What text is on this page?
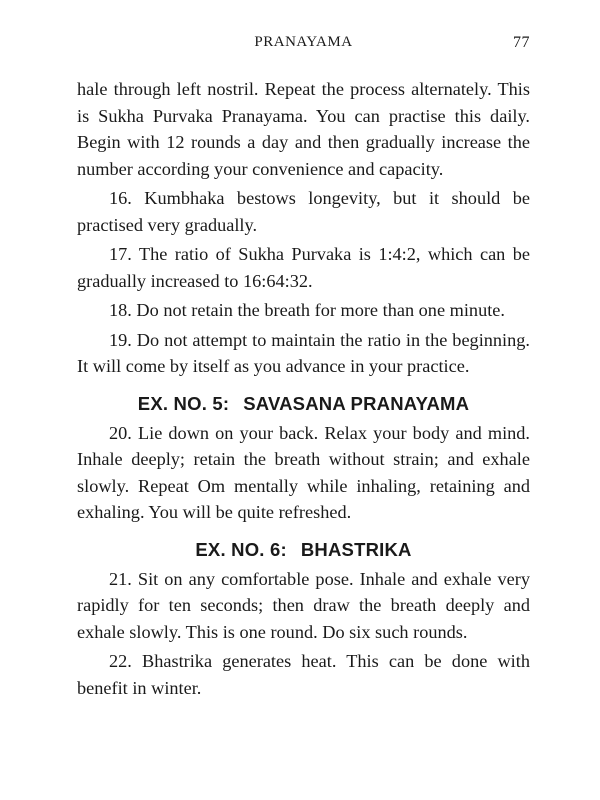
PRANAYAMA	77

hale through left nostril. Repeat the process alternately. This is Sukha Purvaka Pranayama. You can practise this daily. Begin with 12 rounds a day and then gradually increase the number according your convenience and capacity.

16. Kumbhaka bestows longevity, but it should be practised very gradually.

17. The ratio of Sukha Purvaka is 1:4:2, which can be gradually increased to 16:64:32.

18. Do not retain the breath for more than one minute.

19. Do not attempt to maintain the ratio in the beginning. It will come by itself as you advance in your practice.

EX. NO. 5: SAVASANA PRANAYAMA

20. Lie down on your back. Relax your body and mind. Inhale deeply; retain the breath without strain; and exhale slowly. Repeat Om mentally while inhaling, retaining and exhaling. You will be quite refreshed.

EX. NO. 6: BHASTRIKA

21. Sit on any comfortable pose. Inhale and exhale very rapidly for ten seconds; then draw the breath deeply and exhale slowly. This is one round. Do six such rounds.

22. Bhastrika generates heat. This can be done with benefit in winter.
